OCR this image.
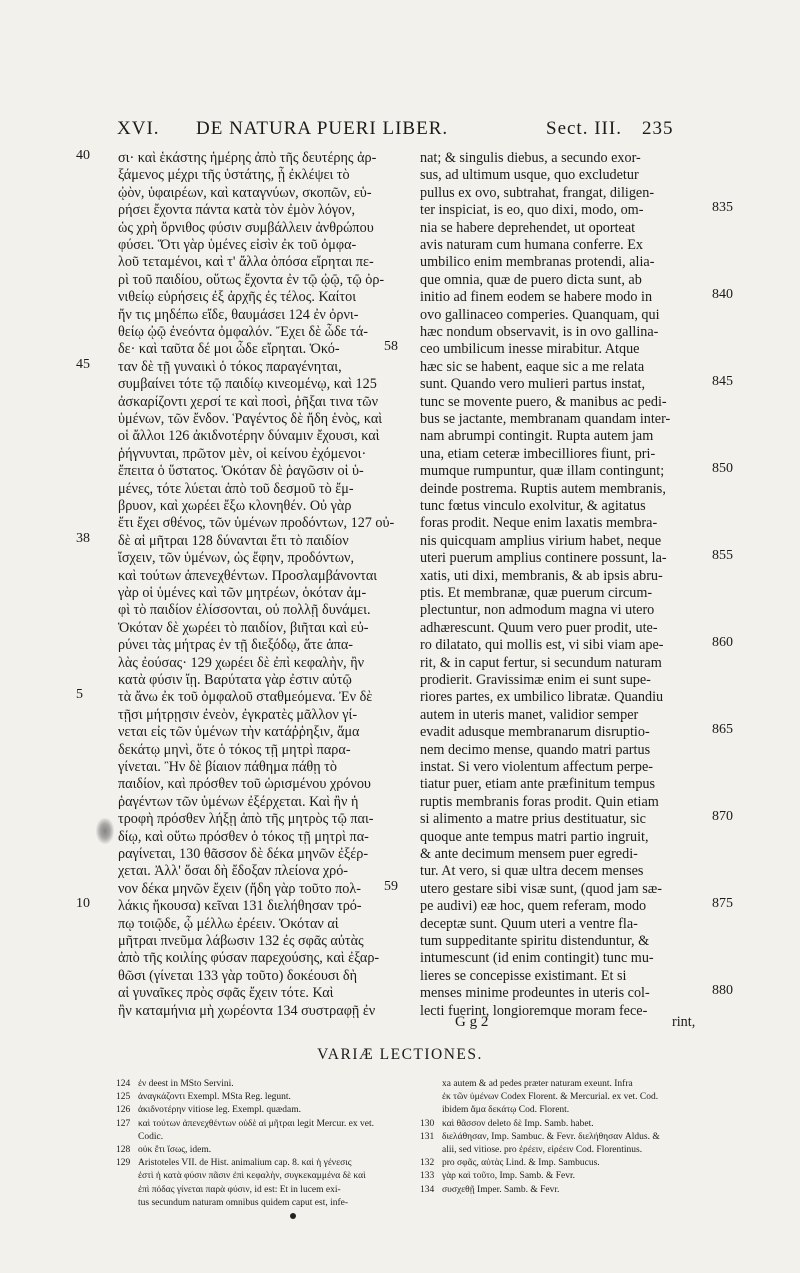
XVI. DE NATURA PUERI LIBER.	Sect. III. 235
σι· καὶ ἑκάστης ἡμέρης ἀπὸ τῆς δευτέρης ἀρ-
ξάμενος μέχρι τῆς ὑστάτης, ᾗ ἐκλέψει τὸ
ᾠὸν, ὑφαιρέων, καὶ καταγνύων, σκοπῶν, εὑ-
ρήσει ἔχοντα πάντα κατὰ τὸν ἐμὸν λόγον,
ὡς χρὴ ὄρνιθος φύσιν συμβάλλειν ἀνθρώπου
φύσει. Ὅτι γὰρ ὑμένες εἰσὶν ἐκ τοῦ ὀμφα-
λοῦ τεταμένοι, καὶ τ' ἄλλα ὁπόσα εἴρηται πε-
ρὶ τοῦ παιδίου, οὕτως ἔχοντα ἐν τῷ ᾠῷ, τῷ ὀρ-
νιθείῳ εὑρήσεις ἐξ ἀρχῆς ἐς τέλος. Καίτοι
ἤν τις μηδέπω εἴδε, θαυμάσει 124 ἐν ὀρνι-
θείῳ ᾠῷ ἐνεόντα ὀμφαλόν. Ἔχει δὲ ὧδε τά-
δε· καὶ ταῦτα δέ μοι ὧδε εἴρηται. Ὁκό-
ταν δὲ τῇ γυναικὶ ὁ τόκος παραγένηται,
συμβαίνει τότε τῷ παιδίῳ κινεομένῳ, καὶ 125
ἀσκαρίζοντι χερσί τε καὶ ποσὶ, ῥῆξαι τινα τῶν
ὑμένων, τῶν ἔνδον. Ῥαγέντος δὲ ἤδη ἑνὸς, καὶ
οἱ ἄλλοι 126 ἀκιδνοτέρην δύναμιν ἔχουσι, καὶ
ῥήγνυνται, πρῶτον μὲν, οἱ κείνου ἐχόμενοι·
ἔπειτα ὁ ὕστατος. Ὁκόταν δὲ ῥαγῶσιν οἱ ὑ-
μένες, τότε λύεται ἀπὸ τοῦ δεσμοῦ τὸ ἔμ-
βρυον, καὶ χωρέει ἔξω κλονηθέν. Οὐ γὰρ
ἔτι ἔχει σθένος, τῶν ὑμένων προδόντων, 127 οὐ-
δὲ αἱ μῆτραι 128 δύνανται ἔτι τὸ παιδίον
ἴσχειν, τῶν ὑμένων, ὡς ἔφην, προδόντων,
καὶ τούτων ἀπενεχθέντων. Προσλαμβάνονται
γὰρ οἱ ὑμένες καὶ τῶν μητρέων, ὁκόταν ἀμ-
φὶ τὸ παιδίον ἐλίσσονται, οὐ πολλῇ δυνάμει.
Ὁκόταν δὲ χωρέει τὸ παιδίον, βιῆται καὶ εὐ-
ρύνει τὰς μήτρας ἐν τῇ διεξόδῳ, ἅτε ἁπα-
λὰς ἐούσας· 129 χωρέει δὲ ἐπὶ κεφαλὴν, ἢν
κατὰ φύσιν ἴῃ. Βαρύτατα γὰρ ἐστιν αὐτῷ
τὰ ἄνω ἐκ τοῦ ὀμφαλοῦ σταθμεόμενα. Ἐν δὲ
τῇσι μήτρῃσιν ἐνεὸν, ἐγκρατὲς μᾶλλον γί-
νεται εἰς τῶν ὑμένων τὴν κατάῤῥηξιν, ἅμα
δεκάτῳ μηνὶ, ὅτε ὁ τόκος τῇ μητρὶ παρα-
γίνεται. Ἢν δὲ βίαιον πάθημα πάθῃ τὸ
παιδίον, καὶ πρόσθεν τοῦ ὡρισμένου χρόνου
ῥαγέντων τῶν ὑμένων ἐξέρχεται. Καὶ ἢν ἡ
τροφὴ πρόσθεν λήξῃ ἀπὸ τῆς μητρὸς τῷ παι-
δίῳ, καὶ οὕτω πρόσθεν ὁ τόκος τῇ μητρὶ πα-
ραγίνεται, 130 θᾶσσον δὲ δέκα μηνῶν ἐξέρ-
χεται. Ἀλλ' ὅσαι δὴ ἔδοξαν πλείονα χρό-
νον δέκα μηνῶν ἔχειν (ἤδη γὰρ τοῦτο πολ-
λάκις ἤκουσα) κεῖναι 131 διελήθησαν τρό-
πῳ τοιῷδε, ᾧ μέλλω ἐρέειν. Ὁκόταν αἱ
μῆτραι πνεῦμα λάβωσιν 132 ἐς σφᾶς αὐτὰς
ἀπὸ τῆς κοιλίης φύσαν παρεχούσης, καὶ ἐξαρ-
θῶσι (γίνεται 133 γὰρ τοῦτο) δοκέουσι δὴ
αἱ γυναῖκες πρὸς σφᾶς ἔχειν τότε. Καὶ
ἢν καταμήνια μὴ χωρέοντα 134 συστραφῇ ἐν
nat; & singulis diebus, a secundo exor-
sus, ad ultimum usque, quo excludetur
pullus ex ovo, subtrahat, frangat, diligen-
ter inspiciat, is eo, quo dixi, modo, om-
nia se habere deprehendet, ut oporteat
avis naturam cum humana conferre. Ex
umbilico enim membranas protendi, alia-
que omnia, quæ de puero dicta sunt, ab
initio ad finem eodem se habere modo in
ovo gallinaceo comperies. Quanquam, qui
hæc nondum observavit, is in ovo gallina-
ceo umbilicum inesse mirabitur. Atque
hæc sic se habent, eaque sic a me relata
sunt. Quando vero mulieri partus instat,
tunc se movente puero, & manibus ac pedi-
bus se jactante, membranam quandam inter-
nam abrumpi contingit. Rupta autem jam
una, etiam ceteræ imbecilliores fiunt, pri-
mumque rumpuntur, quæ illam contingunt;
deinde postrema. Ruptis autem membranis,
tunc fœtus vinculo exolvitur, & agitatus
foras prodit. Neque enim laxatis membra-
nis quicquam amplius virium habet, neque
uteri puerum amplius continere possunt, la-
xatis, uti dixi, membranis, & ab ipsis abru-
ptis. Et membranæ, quæ puerum circum-
plectuntur, non admodum magna vi utero
adhærescunt. Quum vero puer prodit, ute-
ro dilatato, qui mollis est, vi sibi viam ape-
rit, & in caput fertur, si secundum naturam
prodierit. Gravissimæ enim ei sunt supe-
riores partes, ex umbilico libratæ. Quandiu
autem in uteris manet, validior semper
evadit adusque membranarum disruptio-
nem decimo mense, quando matri partus
instat. Si vero violentum affectum perpe-
tiatur puer, etiam ante præfinitum tempus
ruptis membranis foras prodit. Quin etiam
si alimento a matre prius destituatur, sic
quoque ante tempus matri partio ingruit,
& ante decimum mensem puer egredi-
tur. At vero, si quæ ultra decem menses
utero gestare sibi visæ sunt, (quod jam sæ-
pe audivi) eæ hoc, quem referam, modo
deceptæ sunt. Quum uteri a ventre fla-
tum suppeditante spiritu distenduntur, &
intumescunt (id enim contingit) tunc mu-
lieres se concepisse existimant. Et si
menses minime prodeuntes in uteris col-
lecti fuerint, longioremque moram fece-
40
45
38
5
10
58
59
835
840
845
850
855
860
865
870
875
880
G g 2	rint,
VARIÆ LECTIONES.
124 ἐν deest in MSto Servini.
125 ἀναγκάζοντι Exempl. MSta Reg. legunt.
126 ἀκιδνοτέρην vitiose leg. Exempl. quædam.
127 καὶ τούτων ἀπενεχθέντων οὐδὲ αἱ μῆτραι legit Mercur. ex vet.
Codic.
128 οὐκ ἔτι ἴσως, idem.
129 Aristoteles VII. de Hist. animalium cap. 8. καὶ ἡ γένεσις
ἐστὶ ἡ κατὰ φύσιν πᾶσιν ἐπὶ κεφαλὴν, συγκεκαμμένα δὲ καὶ
ἐπὶ πόδας γίνεται παρὰ φύσιν, id est: Et in lucem exi-
tus secundum naturam omnibus quidem caput est, infe-
xa autem & ad pedes præter naturam exeunt. Infra
ἐκ τῶν ὑμένων Codex Florent. & Mercurial. ex vet. Cod.
ibidem ἅμα δεκάτῳ Cod. Florent.
130 καὶ θᾶσσον deleto δὲ Imp. Samb. habet.
131 διελάθησαν, Imp. Sambuc. & Fevr. διελήθησαν Aldus. &
alii, sed vitiose. pro ἐρέειν, εἰρέειν Cod. Florentinus.
132 pro σφᾶς, αὐτὰς Lind. & Imp. Sambucus.
133 γὰρ καὶ τοῦτο, Imp. Samb. & Fevr.
134 συσχεθῇ Imper. Samb. & Fevr.
